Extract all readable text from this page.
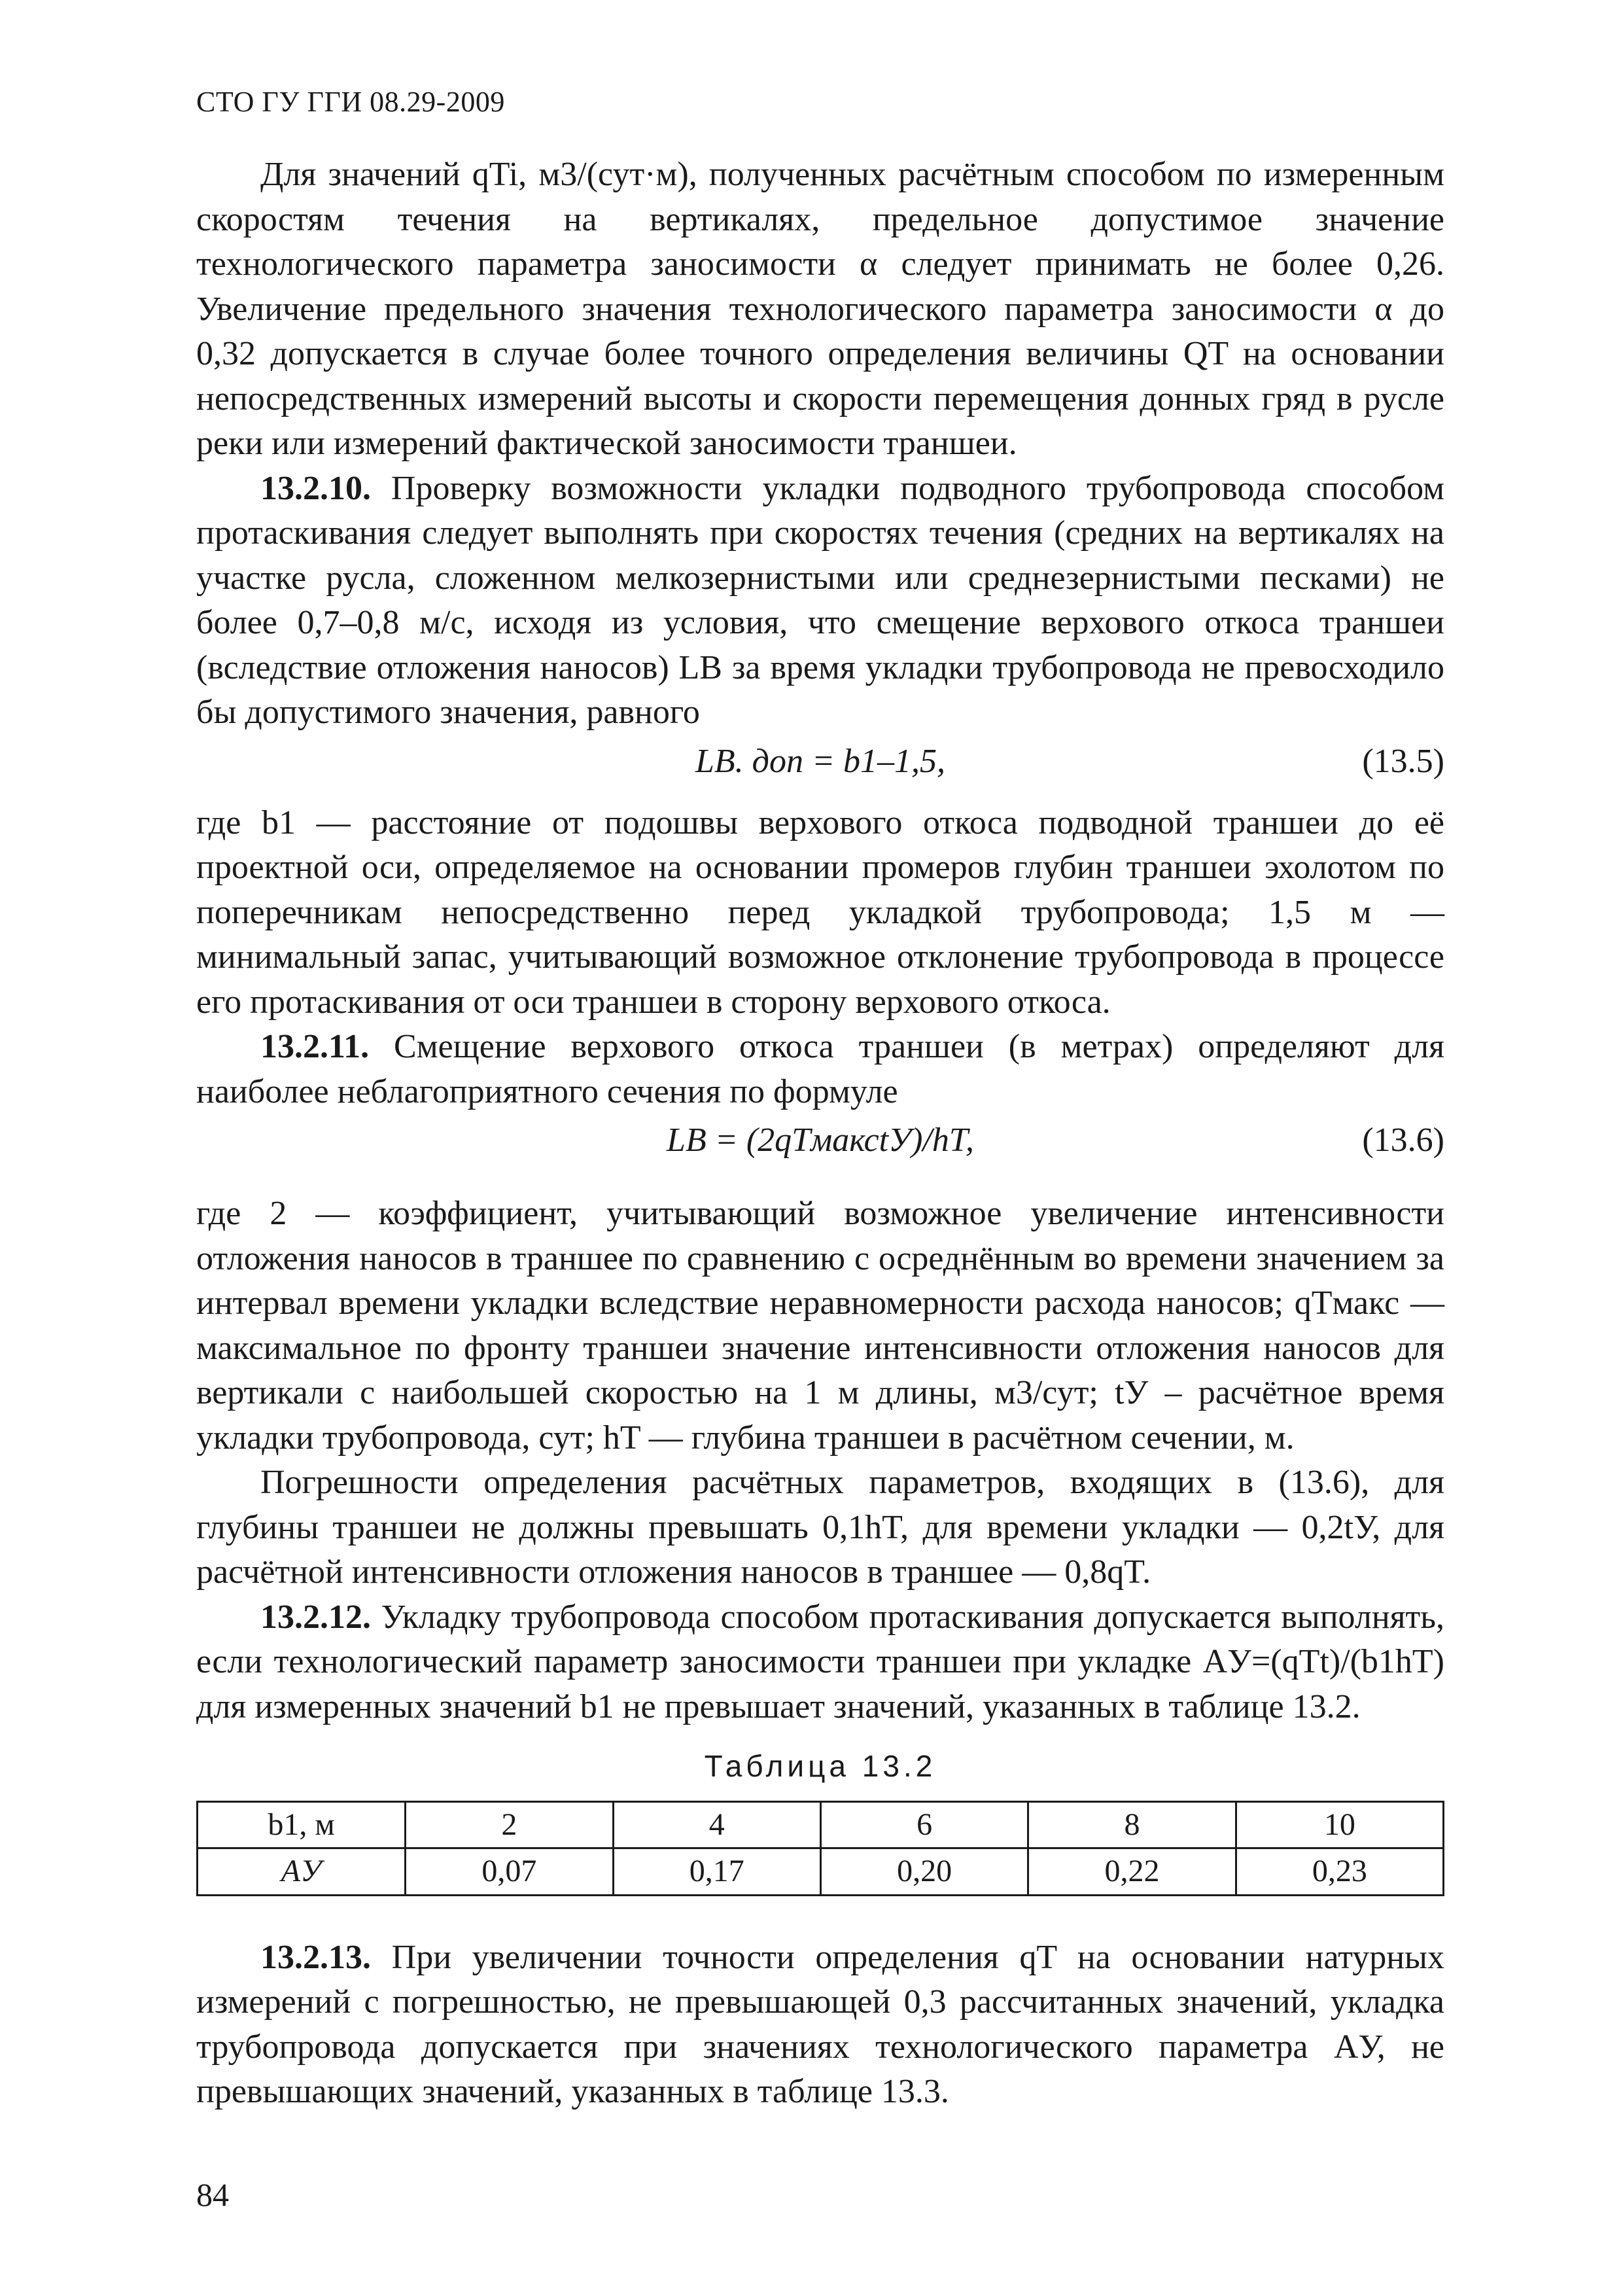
СТО ГУ ГГИ 08.29-2009

Для значений qTi, м3/(сут·м), полученных расчётным способом по измеренным скоростям течения на вертикалях, предельное допустимое значение технологического параметра заносимости α следует принимать не более 0,26. Увеличение предельного значения технологического параметра заносимости α до 0,32 допускается в случае более точного определения величины QT на основании непосредственных измерений высоты и скорости перемещения донных гряд в русле реки или измерений фактической заносимости траншеи.

13.2.10. Проверку возможности укладки подводного трубопровода способом протаскивания следует выполнять при скоростях течения (средних на вертикалях на участке русла, сложенном мелкозернистыми или среднезернистыми песками) не более 0,7–0,8 м/с, исходя из условия, что смещение верхового откоса траншеи (вследствие отложения наносов) LB за время укладки трубопровода не превосходило бы допустимого значения, равного

LB. доп = b1–1,5,	(13.5)

где b1 — расстояние от подошвы верхового откоса подводной траншеи до её проектной оси, определяемое на основании промеров глубин траншеи эхолотом по поперечникам непосредственно перед укладкой трубопровода; 1,5 м — минимальный запас, учитывающий возможное отклонение трубопровода в процессе его протаскивания от оси траншеи в сторону верхового откоса.

13.2.11. Смещение верхового откоса траншеи (в метрах) определяют для наиболее неблагоприятного сечения по формуле

LB = (2qTмаксtУ)/hT,	(13.6)

где 2 — коэффициент, учитывающий возможное увеличение интенсивности отложения наносов в траншее по сравнению с осреднённым во времени значением за интервал времени укладки вследствие неравномерности расхода наносов; qTмакс — максимальное по фронту траншеи значение интенсивности отложения наносов для вертикали с наибольшей скоростью на 1 м длины, м3/сут; tУ – расчётное время укладки трубопровода, сут; hT — глубина траншеи в расчётном сечении, м.

Погрешности определения расчётных параметров, входящих в (13.6), для глубины траншеи не должны превышать 0,1hT, для времени укладки — 0,2tУ, для расчётной интенсивности отложения наносов в траншее — 0,8qT.

13.2.12. Укладку трубопровода способом протаскивания допускается выполнять, если технологический параметр заносимости траншеи при укладке AУ=(qTt)/(b1hT) для измеренных значений b1 не превышает значений, указанных в таблице 13.2.

Таблица 13.2
b1, м	2	4	6	8	10
AУ	0,07	0,17	0,20	0,22	0,23

13.2.13. При увеличении точности определения qT на основании натурных измерений с погрешностью, не превышающей 0,3 рассчитанных значений, укладка трубопровода допускается при значениях технологического параметра AУ, не превышающих значений, указанных в таблице 13.3.

84
